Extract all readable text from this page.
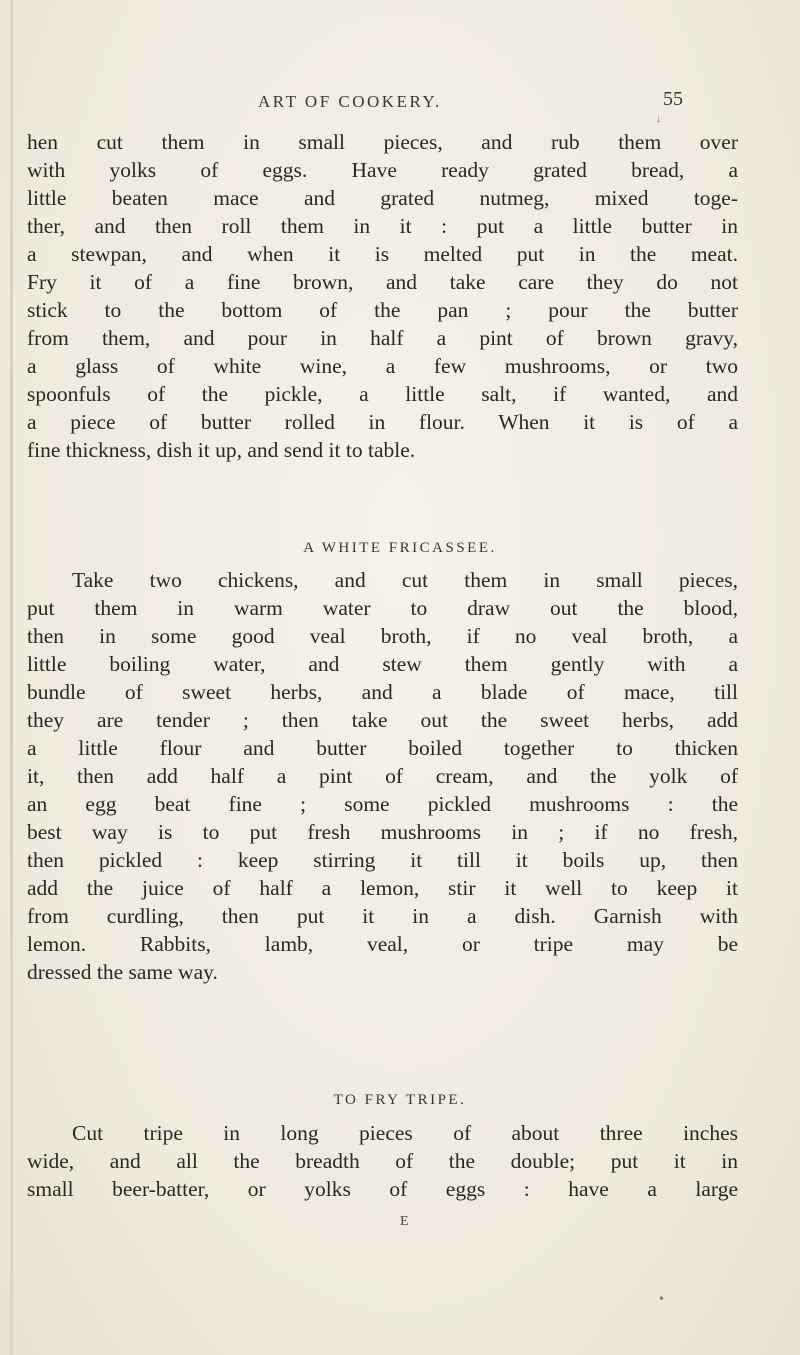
ART OF COOKERY.
↓
55
hen cut them in small pieces, and rub them over
with yolks of eggs. Have ready grated bread, a
little beaten mace and grated nutmeg, mixed toge-
ther, and then roll them in it : put a little butter in
a stewpan, and when it is melted put in the meat.
Fry it of a fine brown, and take care they do not
stick to the bottom of the pan ; pour the butter
from them, and pour in half a pint of brown gravy,
a glass of white wine, a few mushrooms, or two
spoonfuls of the pickle, a little salt, if wanted, and
a piece of butter rolled in flour. When it is of a
fine thickness, dish it up, and send it to table.
A WHITE FRICASSEE.
Take two chickens, and cut them in small pieces,
put them in warm water to draw out the blood,
then in some good veal broth, if no veal broth, a
little boiling water, and stew them gently with a
bundle of sweet herbs, and a blade of mace, till
they are tender ; then take out the sweet herbs, add
a little flour and butter boiled together to thicken
it, then add half a pint of cream, and the yolk of
an egg beat fine ; some pickled mushrooms : the
best way is to put fresh mushrooms in ; if no fresh,
then pickled : keep stirring it till it boils up, then
add the juice of half a lemon, stir it well to keep it
from curdling, then put it in a dish. Garnish with
lemon. Rabbits, lamb, veal, or tripe may be
dressed the same way.
TO FRY TRIPE.
Cut tripe in long pieces of about three inches
wide, and all the breadth of the double; put it in
small beer-batter, or yolks of eggs : have a large
E
•
